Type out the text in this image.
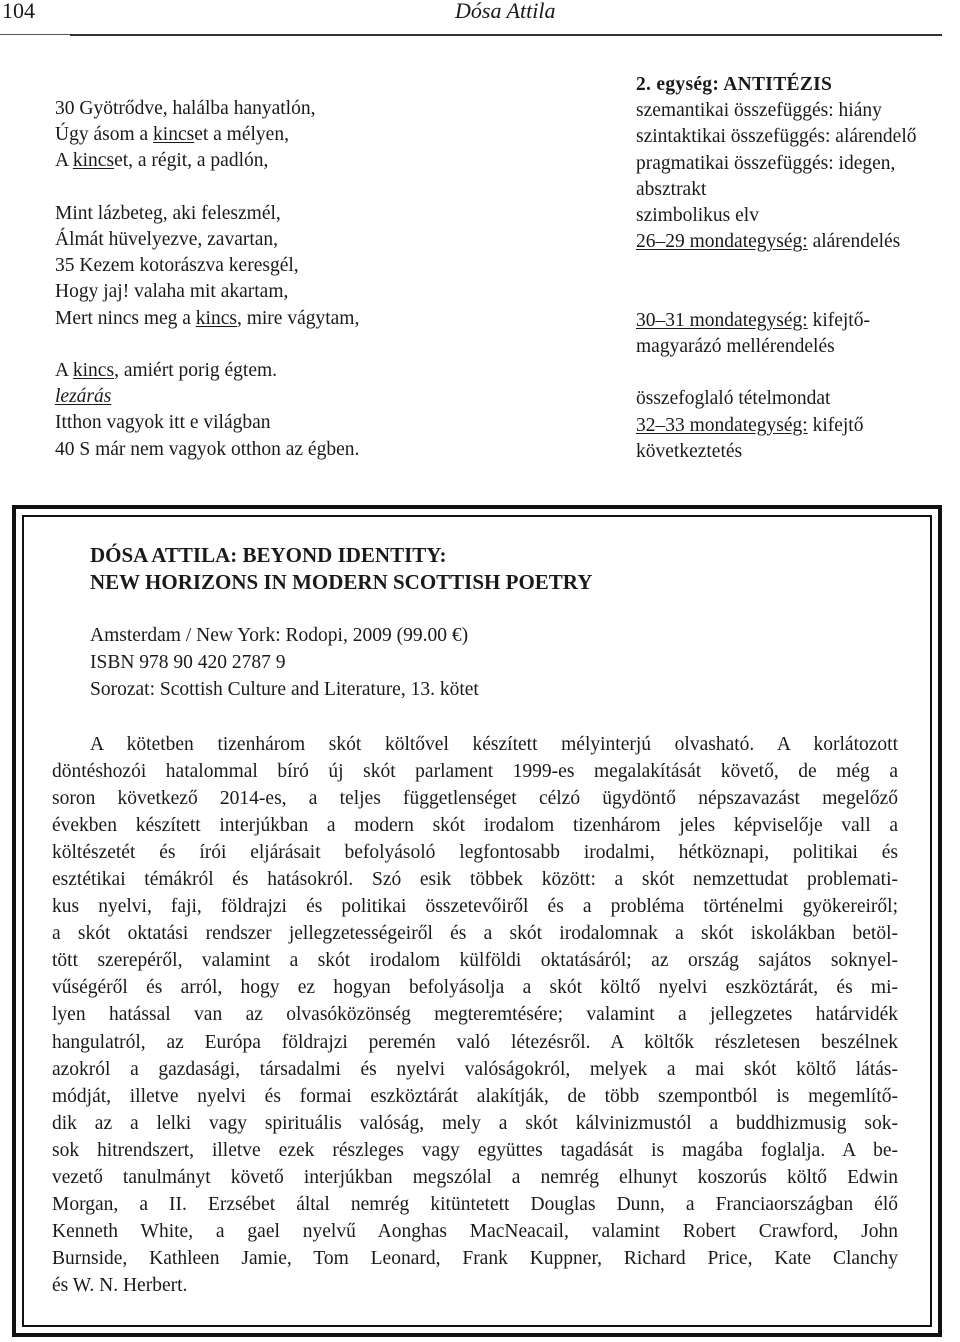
104	Dósa Attila
30 Gyötrődve, halálba hanyatlón,
Úgy ásom a kincset a mélyen,
A kincset, a régit, a padlón,
Mint lázbeteg, aki feleszmél,
Álmát hüvelyezve, zavartan,
35 Kezem kotorászva keresgél,
Hogy jaj! valaha mit akartam,
Mert nincs meg a kincs, mire vágytam,
A kincs, amiért porig égtem.
lezárás
Itthon vagyok itt e világban
40 S már nem vagyok otthon az égben.
2. egység: ANTITÉZIS
szemantikai összefüggés: hiány
szintaktikai összefüggés: alárendelő
pragmatikai összefüggés: idegen,
absztrakt
szimbolikus elv
26–29 mondategység: alárendelés
30–31 mondategység: kifejtő-
magyarázó mellérendelés
összefoglaló tételmondat
32–33 mondategység: kifejtő
következtetés
DÓSA ATTILA: BEYOND IDENTITY:
NEW HORIZONS IN MODERN SCOTTISH POETRY
Amsterdam / New York: Rodopi, 2009 (99.00 €)
ISBN 978 90 420 2787 9
Sorozat: Scottish Culture and Literature, 13. kötet
A kötetben tizenhárom skót költővel készített mélyinterjú olvasható. A korlátozott
döntéshozói hatalommal bíró új skót parlament 1999-es megalakítását követő, de még a
soron következő 2014-es, a teljes függetlenséget célzó ügydöntő népszavazást megelőző
években készített interjúkban a modern skót irodalom tizenhárom jeles képviselője vall a
költészetét és írói eljárásait befolyásoló legfontosabb irodalmi, hétköznapi, politikai és
esztétikai témákról és hatásokról. Szó esik többek között: a skót nemzettudat problemati-
kus nyelvi, faji, földrajzi és politikai összetevőiről és a probléma történelmi gyökereiről;
a skót oktatási rendszer jellegzetességeiről és a skót irodalomnak a skót iskolákban betöl-
tött szerepéről, valamint a skót irodalom külföldi oktatásáról; az ország sajátos soknyel-
vűségéről és arról, hogy ez hogyan befolyásolja a skót költő nyelvi eszköztárát, és mi-
lyen hatással van az olvasóközönség megteremtésére; valamint a jellegzetes határvidék
hangulatról, az Európa földrajzi peremén való létezésről. A költők részletesen beszélnek
azokról a gazdasági, társadalmi és nyelvi valóságokról, melyek a mai skót költő látás-
módját, illetve nyelvi és formai eszköztárát alakítják, de több szempontból is megemlítő-
dik az a lelki vagy spirituális valóság, mely a skót kálvinizmustól a buddhizmusig sok-
sok hitrendszert, illetve ezek részleges vagy együttes tagadását is magába foglalja. A be-
vezető tanulmányt követő interjúkban megszólal a nemrég elhunyt koszorús költő Edwin
Morgan, a II. Erzsébet által nemrég kitüntetett Douglas Dunn, a Franciaországban élő
Kenneth White, a gael nyelvű Aonghas MacNeacail, valamint Robert Crawford, John
Burnside, Kathleen Jamie, Tom Leonard, Frank Kuppner, Richard Price, Kate Clanchy
és W. N. Herbert.
